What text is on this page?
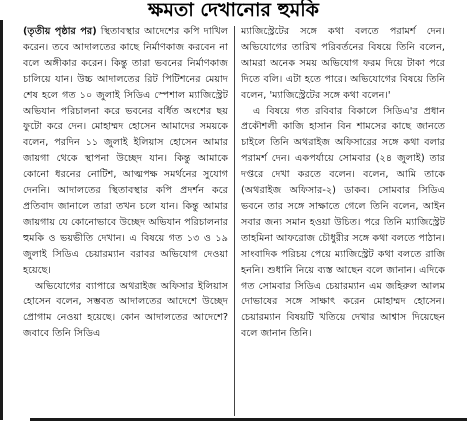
ক্ষমতা দেখানোর হুমকি

(তৃতীয় পৃষ্ঠার পর) স্থিতাবস্থার আদেশের কপি দাখিল করেন। তবে আদালতের কাছে নির্মাণকাজ করবেন না বলে অঙ্গীকার করেন। কিন্তু তারা ভবনের নির্মাণকাজ চালিয়ে যান। উচ্চ আদালতের রিট পিটিশনের মেয়াদ শেষ হলে গত ১০ জুলাই সিডিএ স্পেশাল ম্যাজিস্ট্রেট অভিযান পরিচালনা করে ভবনের বর্ধিত অংশের ছয় ফুটো করে দেন। মোহাম্মদ হোসেন আমাদের সময়কে বলেন, পরদিন ১১ জুলাই ইলিয়াস হোসেন আমার জায়গা থেকে স্থাপনা উচ্ছেদ যান। কিন্তু আমাকে কোনো ধরনের নোটিশ, আত্মপক্ষ সমর্থনের সুযোগ দেননি। আদালতের স্থিতাবস্থার কপি প্রদর্শন করে প্রতিবাদ জানালে তারা তখন চলে যান। কিন্তু আমার জায়গায় যে কোনোভাবে উচ্ছেদ অভিযান পরিচালনার হুমকি ও ভয়ভীতি দেখান। এ বিষয়ে গত ১৩ ও ১৯ জুলাই সিডিএ চেয়ারম্যান বরাবর অভিযোগ দেওয়া হয়েছে।

অভিযোগের ব্যাপারে অথরাইজ অফিসার ইলিয়াস হোসেন বলেন, সম্ভবত আদালতের আদেশে উচ্ছেদ প্রোগাম নেওয়া হয়েছে। কোন আদালতের আদেশে? জবাবে তিনি সিডিএ

ম্যাজিস্ট্রেটের সঙ্গে কথা বলতে পরামর্শ দেন। অভিযোগের তারিখ পরিবর্তনের বিষয়ে তিনি বলেন, আমরা অনেক সময় অভিযোগ ফরম দিয়ে টাকা পরে দিতে বলি। এটা হতে পারে। অভিযোগের বিষয়ে তিনি বলেন, 'ম্যাজিস্ট্রেটের সঙ্গে কথা বলেন।'

এ বিষয়ে গত রবিবার বিকালে সিডিএ'র প্রধান প্রকৌশলী কাজি হাসান বিন শামসের কাছে জানতে চাইলে তিনি অথরাইজ অফিসারের সঙ্গে কথা বলার পরামর্শ দেন। একপর্যায়ে সোমবার (২৪ জুলাই) তার দপ্তরে দেখা করতে বলেন। বলেন, আমি তাকে (অথরাইজ অফিসার-২) ডাকব। সোমবার সিডিএ ভবনে তার সঙ্গে সাক্ষাতে গেলে তিনি বলেন, আইন সবার জন্য সমান হওয়া উচিত। পরে তিনি ম্যাজিস্ট্রেট তাহমিনা আফরোজ চৌধুরীর সঙ্গে কথা বলতে পাঠান। সাংবাদিক পরিচয় পেয়ে ম্যাজিস্ট্রেট কথা বলতে রাজি হননি। শুধানি নিয়ে ব্যস্ত আছেন বলে জানান। এদিকে গত সোমবার সিডিএ চেয়ারম্যান এম জহিরুল আলম দোভাষের সঙ্গে সাক্ষাৎ করেন মোহাম্মদ হোসেন। চেয়ারম্যান বিষয়টি খতিয়ে দেখার আশ্বাস দিয়েছেন বলে জানান তিনি।
